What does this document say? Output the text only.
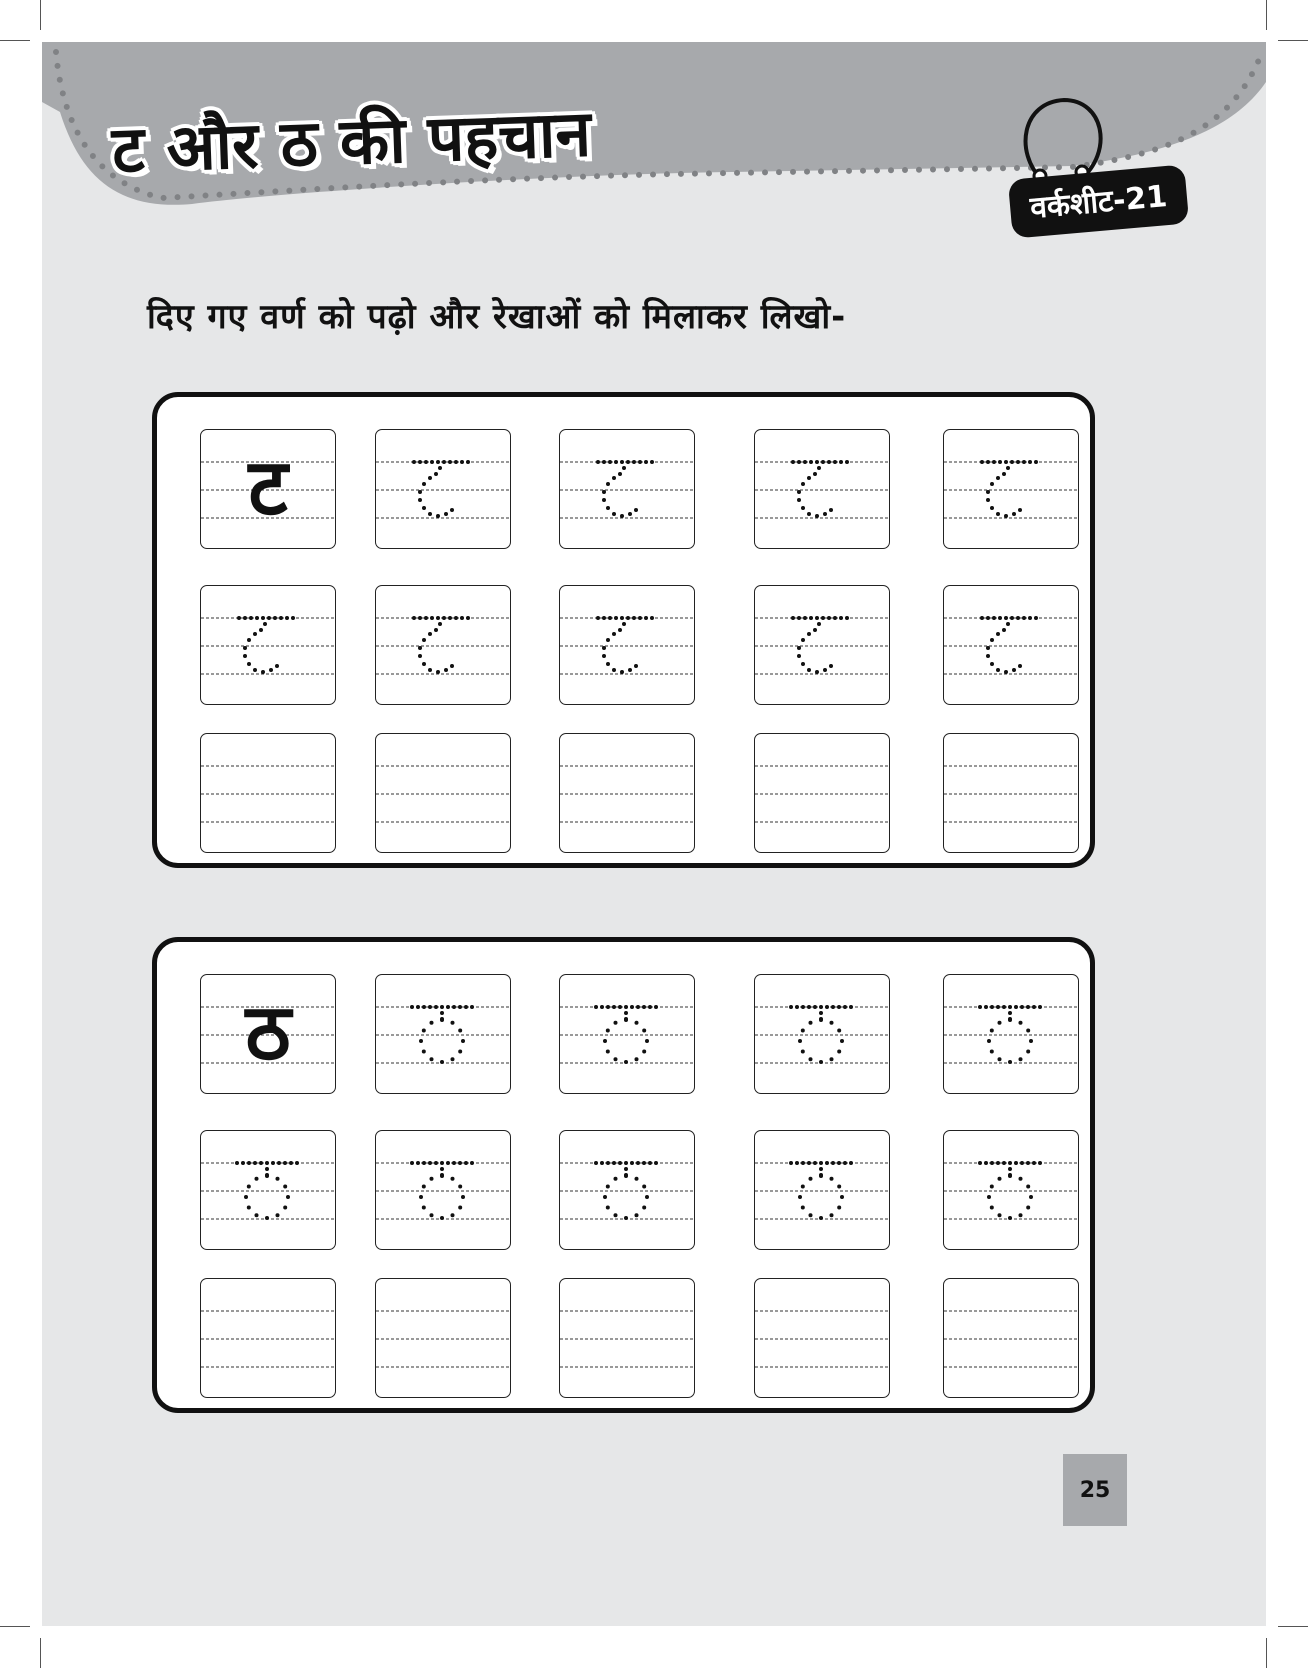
ट और ठ की पहचान
वर्कशीट-21

दिए गए वर्ण को पढ़ो और रेखाओं को मिलाकर लिखो-

ट
ठ
25
